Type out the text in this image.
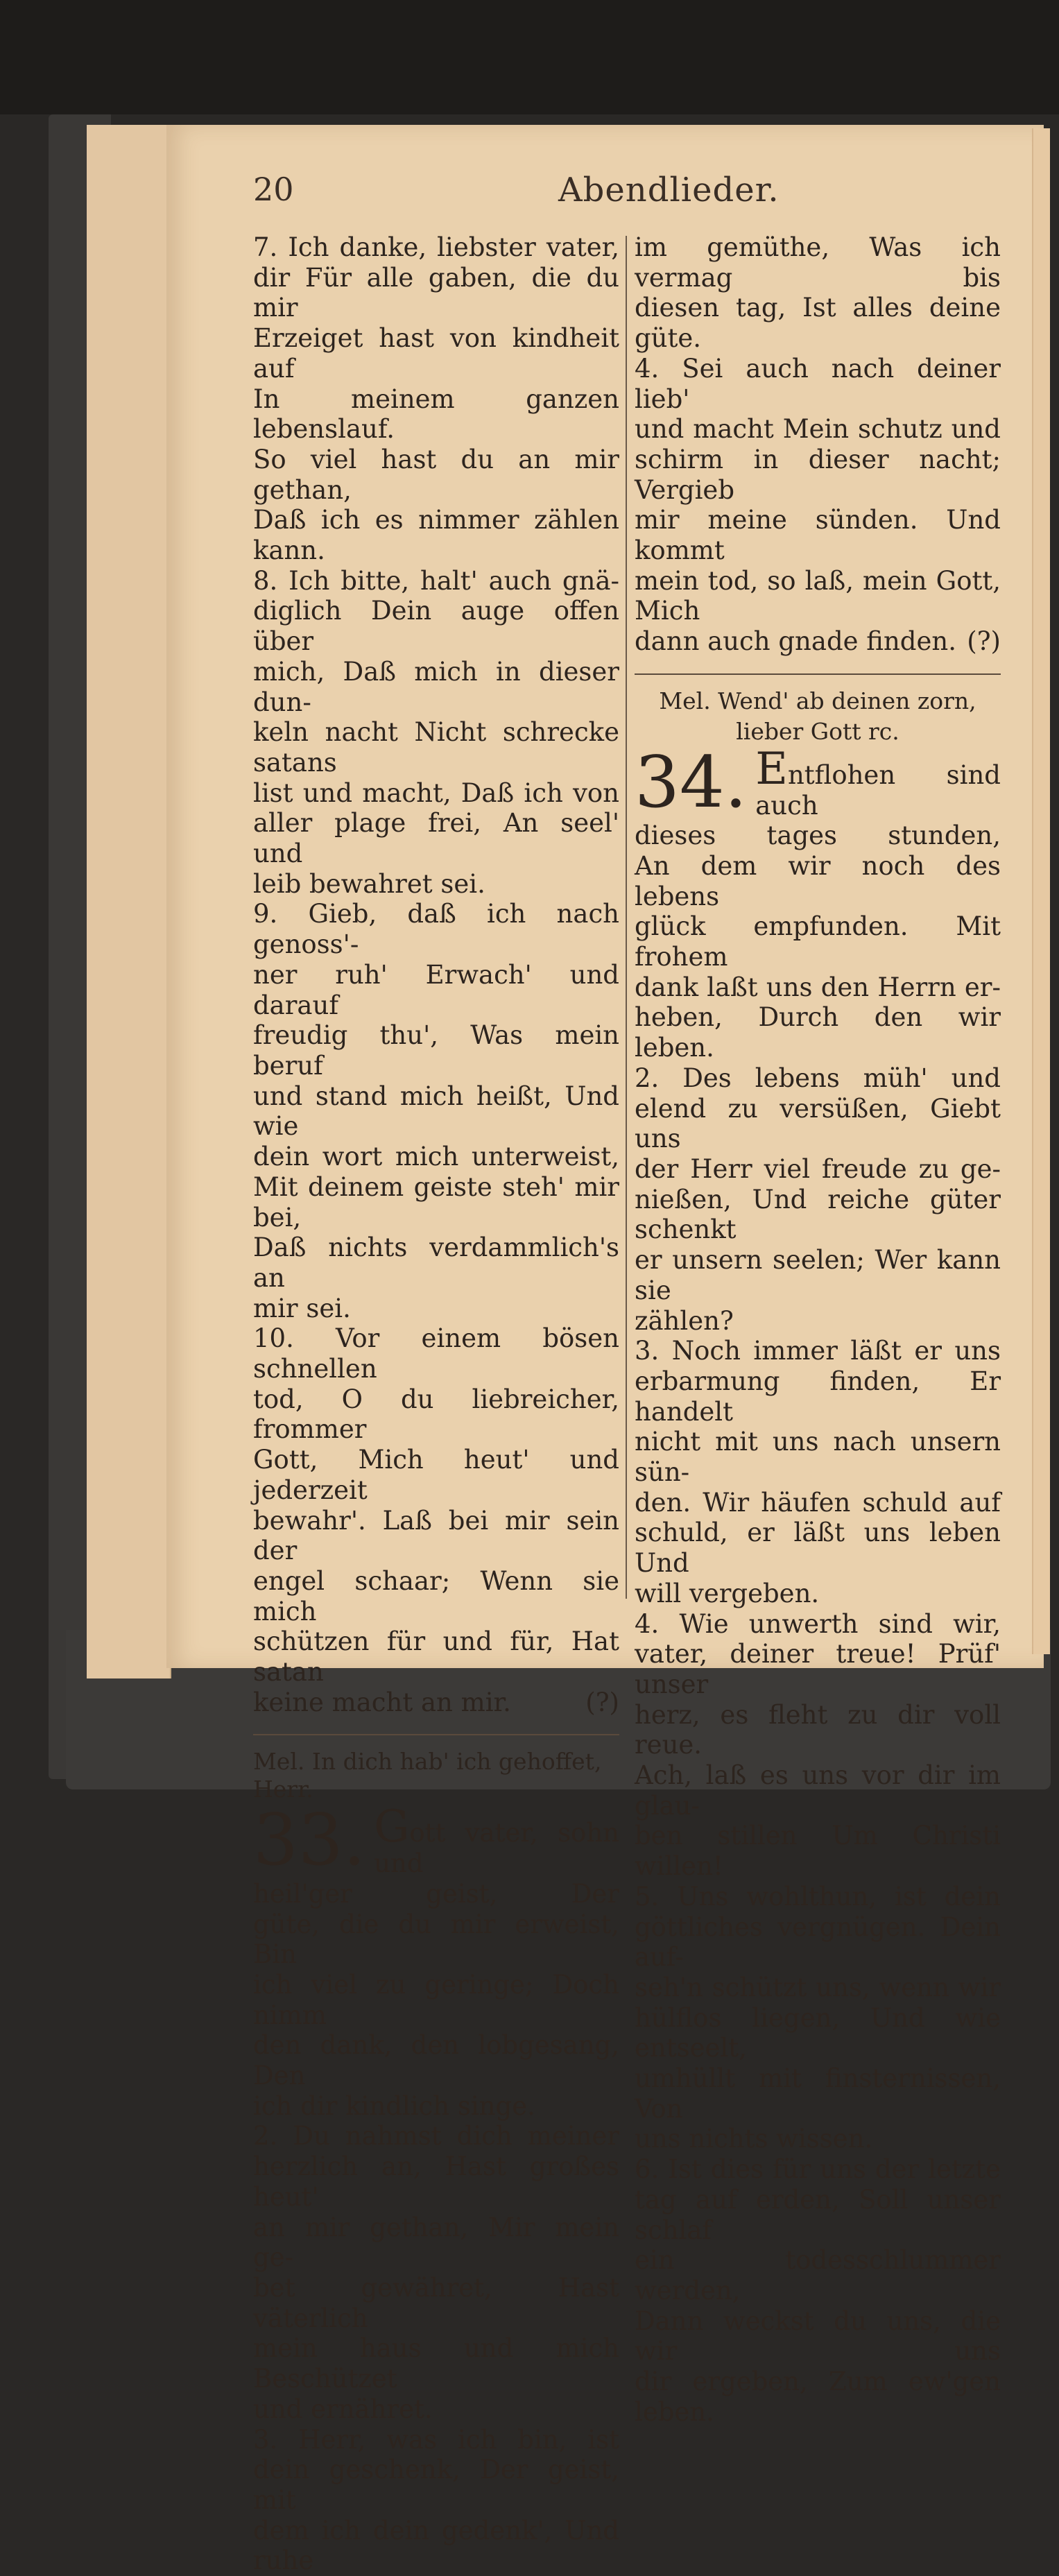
20	Abendlieder.

7. Ich danke, liebster vater,

dir Für alle gaben, die du mir

Erzeiget hast von kindheit auf

In meinem ganzen lebenslauf.

So viel hast du an mir gethan,

Daß ich es nimmer zählen kann.

8. Ich bitte, halt' auch gnä-

diglich Dein auge offen über

mich, Daß mich in dieser dun-

keln nacht Nicht schrecke satans

list und macht, Daß ich von

aller plage frei, An seel' und

leib bewahret sei.

9. Gieb, daß ich nach genoss'-

ner ruh' Erwach' und darauf

freudig thu', Was mein beruf

und stand mich heißt, Und wie

dein wort mich unterweist,

Mit deinem geiste steh' mir bei,

Daß nichts verdammlich's an

mir sei.

10. Vor einem bösen schnellen

tod, O du liebreicher, frommer

Gott, Mich heut' und jederzeit

bewahr'. Laß bei mir sein der

engel schaar; Wenn sie mich

schützen für und für, Hat satan

keine macht an mir.	(?)

Mel. In dich hab' ich gehoffet, Herr.

33. Gott vater, sohn und

heil'ger geist, Der

güte, die du mir erweist, Bin

ich viel zu geringe; Doch nimm

den dank, den lobgesang, Den

ich dir kindlich singe.

2. Du nahmst dich meiner

herzlich an, Hast großes heut'

an mir gethan, Mir mein ge-

bet gewähret, Hast väterlich

mein haus und mich Beschützet

und ernähret.

3. Herr, was ich bin, ist

dein geschenk, Der geist, mit

dem ich dein gedenk', Und ruhe

im gemüthe, Was ich vermag bis

diesen tag, Ist alles deine güte.

4. Sei auch nach deiner lieb'

und macht Mein schutz und

schirm in dieser nacht; Vergieb

mir meine sünden. Und kommt

mein tod, so laß, mein Gott, Mich

dann auch gnade finden. (?)

Mel. Wend' ab deinen zorn,

lieber Gott rc.

34. Entflohen sind auch

dieses tages stunden,

An dem wir noch des lebens

glück empfunden. Mit frohem

dank laßt uns den Herrn er-

heben, Durch den wir leben.

2. Des lebens müh' und

elend zu versüßen, Giebt uns

der Herr viel freude zu ge-

nießen, Und reiche güter schenkt

er unsern seelen; Wer kann sie

zählen?

3. Noch immer läßt er uns

erbarmung finden, Er handelt

nicht mit uns nach unsern sün-

den. Wir häufen schuld auf

schuld, er läßt uns leben Und

will vergeben.

4. Wie unwerth sind wir,

vater, deiner treue! Prüf' unser

herz, es fleht zu dir voll reue.

Ach, laß es uns vor dir im glau-

ben stillen Um Christi willen!

5. Uns wohlthun, ist dein

göttliches vergnügen. Dein auf-

seh'n schützt uns, wenn wir

hülflos liegen, Und wie entseelt,

umhüllt mit finsternissen, Von

uns nichts wissen.

6. Ist dies für uns der letzte

tag auf erden, Soll unser schlaf

ein todesschlummer werden,

Dann weckst du uns, die wir uns

dir ergeben, Zum ew'gen leben.
